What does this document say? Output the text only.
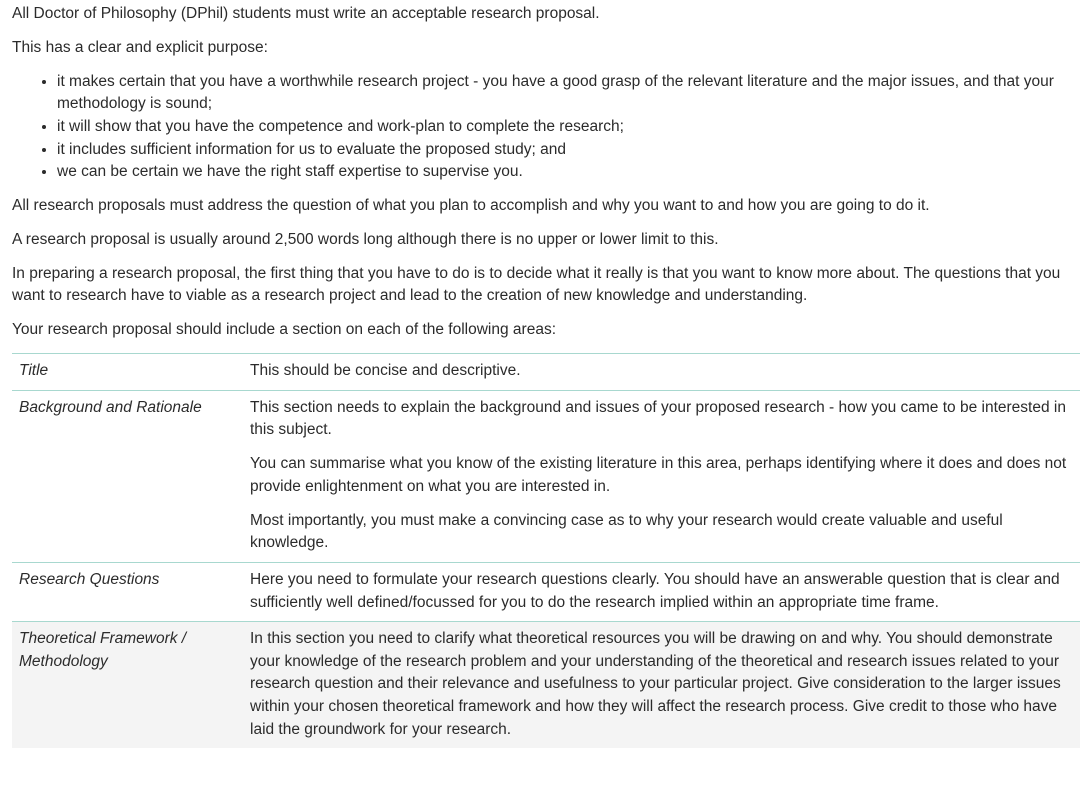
All Doctor of Philosophy (DPhil) students must write an acceptable research proposal.

This has a clear and explicit purpose:

• it makes certain that you have a worthwhile research project - you have a good grasp of the relevant literature and the major issues, and that your methodology is sound;
• it will show that you have the competence and work-plan to complete the research;
• it includes sufficient information for us to evaluate the proposed study; and
• we can be certain we have the right staff expertise to supervise you.

All research proposals must address the question of what you plan to accomplish and why you want to and how you are going to do it.

A research proposal is usually around 2,500 words long although there is no upper or lower limit to this.

In preparing a research proposal, the first thing that you have to do is to decide what it really is that you want to know more about. The questions that you want to research have to viable as a research project and lead to the creation of new knowledge and understanding.

Your research proposal should include a section on each of the following areas:

Title	This should be concise and descriptive.

Background and Rationale	This section needs to explain the background and issues of your proposed research - how you came to be interested in this subject.

You can summarise what you know of the existing literature in this area, perhaps identifying where it does and does not provide enlightenment on what you are interested in.

Most importantly, you must make a convincing case as to why your research would create valuable and useful knowledge.

Research Questions	Here you need to formulate your research questions clearly. You should have an answerable question that is clear and sufficiently well defined/focussed for you to do the research implied within an appropriate time frame.

Theoretical Framework / Methodology	In this section you need to clarify what theoretical resources you will be drawing on and why. You should demonstrate your knowledge of the research problem and your understanding of the theoretical and research issues related to your research question and their relevance and usefulness to your particular project. Give consideration to the larger issues within your chosen theoretical framework and how they will affect the research process. Give credit to those who have laid the groundwork for your research.
